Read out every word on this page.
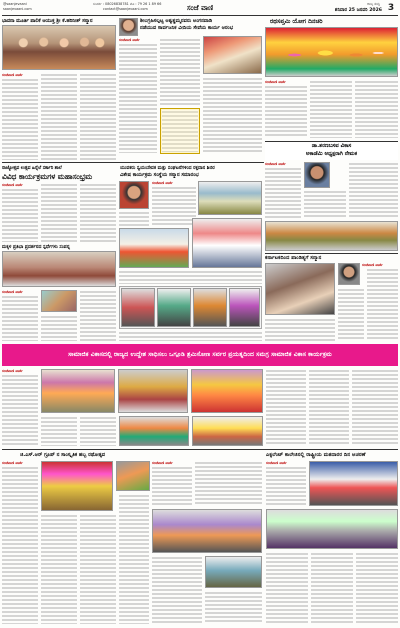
@saanjevaani
saanjevaani.com
ಸಂಪರ್ಕ : 08026838781 ಮೊ : 79 26 1 89 66
contact@saanjevaani.com	ಸಂಜೆ ವಾಣಿ	ರಾಜ್ಯ ಸುದ್ದಿ
ಶನಿವಾರ 25 ಜನವರಿ 2026 3
ಭಾವನಾ ಮೂರ್ತಿ ಪಾಲಿಕೆ ಆಯುಕ್ತ ಶ್ರೀ ಕೆ.ಹರಿನೀಶ್ ಸನ್ಮಾನ
ಸಂಜೆವಾಣಿ ವಾರ್ತೆ
ಶೀಲಗ್ರಹಿಸಲ್ಪಟ್ಟ ಅಶ್ವತ್ಥಮ್ಮನವರು ಅಂಗನವಾಡಿ
ನಡೆಯುವ ಸಾರ್ವಜನಿಕ ವೀದಿಯ ಸೇವೆಯ ಕಾರ್ಯ ಆರಂಭ
ಸಂಜೆವಾಣಿ ವಾರ್ತೆ
ರಥಸಪ್ತಮಿ ಯೋಗ ದಿನಚರಿ
ಸಂಜೆವಾಣಿ ವಾರ್ತೆ
ಡಾ.ಶರಣಬಸವ ವಿಕಾಸ
ಅಕಾಡೆಮಿ ಅಧ್ಯಕ್ಷರಾಗಿ ನೇಮಕ
ಸಂಜೆವಾಣಿ ವಾರ್ತೆ
ರಾಜ್ಯೋತ್ಸವ ಉತ್ಸವ ಹಿನ್ನೆಲೆ ಸರ್ಕಾರಿ ಶಾಲೆ
ವಿವಿಧ ಕಾರ್ಯಕ್ರಮಗಳ ಮಹಾಸಂಭ್ರಮ
ಸಂಜೆವಾಣಿ ವಾರ್ತೆ
ಮಕ್ಕಳ ಪ್ರತಿಭಾ ಪ್ರದರ್ಶನದ ಸ್ಪರ್ಧೆಗಳು ಸಂಪನ್ನ
ಸಂಜೆವಾಣಿ ವಾರ್ತೆ
ಯುವಕರು ಸ್ವಯಂಸೇವಕ ಮತ್ತು ಸಂಘಟನೆಗಳಿಂದ ರಕ್ತದಾನ ಶಿಬಿರ
ವಿಶೇಷ ಕಾರ್ಯಕ್ರಮ ಸಂಸ್ಥೆಯ ಸನ್ಮಾನ ಸಮಾರಂಭ
ಸಂಜೆವಾಣಿ ವಾರ್ತೆ
ಕರ್ನಾಟಕದಿಂದ ಪಾಂಡಿತ್ಯಗೆ ಸನ್ಮಾನ
ಸಂಜೆವಾಣಿ ವಾರ್ತೆ
ಸಾಮಾಜಿಕ ವಿಕಾಸದಲ್ಲಿ ರಾಜ್ಯದ ಉದ್ದೇಶ ಸಾಧಿಸಲು ಒಗ್ಗೂಡಿ ಶ್ರಮಿಸೋಣ ಸರ್ವರ ಪ್ರಯತ್ನದಿಂದ ಸಮಗ್ರ ಸಾಮಾಜಿಕ ವಿಕಾಸ ಕಾರ್ಯಕ್ರಮ
ಸಂಜೆವಾಣಿ ವಾರ್ತೆ
ಜಿ.ಎಸ್.ಆರ್ ಗ್ರೂಪ್ ನ ಸಾಂಸ್ಕೃತಿಕ ಹಬ್ಬ ರಥೋತ್ಸವ
ಸಂಜೆವಾಣಿ ವಾರ್ತೆ	ಸಂಜೆವಾಣಿ ವಾರ್ತೆ
ಎಕ್ಸಲೆಂಟ್ ಕಾಲೇಜಿನಲ್ಲಿ ರಾಷ್ಟ್ರೀಯ ಮತದಾರರ ದಿನ ಆಚರಣೆ
ಸಂಜೆವಾಣಿ ವಾರ್ತೆ
